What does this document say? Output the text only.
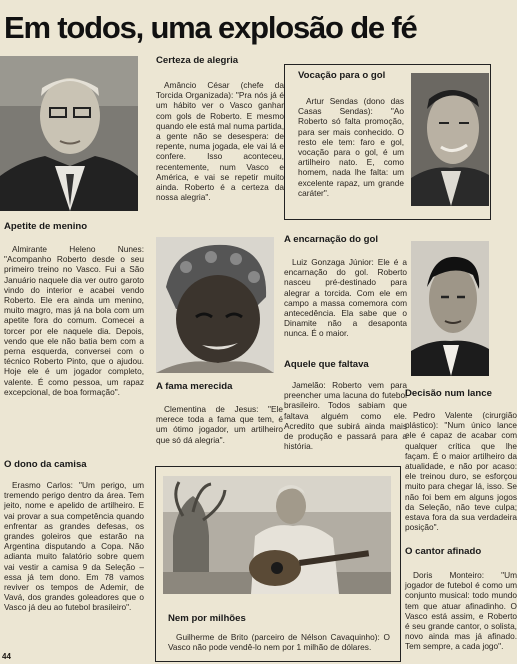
Em todos, uma explosão de fé
Apetite de menino

Almirante Heleno Nunes: "Acompanho Roberto desde o seu primeiro treino no Vasco. Fui a São Januário naquele dia ver outro garoto vindo do interior e acabei vendo Roberto. Ele era ainda um menino, muito magro, mas já na bola com um apetite fora do comum. Comecei a torcer por ele naquele dia. Depois, vendo que ele não batia bem com a perna esquerda, conversei com o técnico Roberto Pinto, que o ajudou. Hoje ele é um jogador completo, valente. É como pessoa, um rapaz excepcional, de boa formação".

O dono da camisa

Erasmo Carlos: "Um perigo, um tremendo perigo dentro da área. Tem jeito, nome e apelido de artilheiro. E vai provar a sua competência quando enfrentar as grandes defesas, os grandes goleiros que estarão na Argentina disputando a Copa. Não adianta muito falatório sobre quem vai vestir a camisa 9 da Seleção – essa já tem dono. Em 78 vamos reviver os tempos de Ademir, de Vavá, dos grandes goleadores que o Vasco já deu ao futebol brasileiro".

44
Certeza de alegria

Amâncio César (chefe da Torcida Organizada): "Pra nós já é um hábito ver o Vasco ganhar com gols de Roberto. E mesmo quando ele está mal numa partida, a gente não se desespera: de repente, numa jogada, ele vai lá e confere. Isso aconteceu, recentemente, num Vasco e América, e vai se repetir muito ainda. Roberto é a certeza da nossa alegria".

A fama merecida

Clementina de Jesus: "Ele merece toda a fama que tem, é um ótimo jogador, um artilheiro que só dá alegria".

Vocação para o gol

Artur Sendas (dono das Casas Sendas): "Ao Roberto só falta promoção, para ser mais conhecido. O resto ele tem: faro e gol, vocação para o gol, é um artilheiro nato. E, como homem, nada lhe falta: um excelente rapaz, um grande caráter".

A encarnação do gol

Luiz Gonzaga Júnior: Ele é a encarnação do gol. Roberto nasceu pré-destinado para alegrar a torcida. Com ele em campo a massa comemora com antecedência. Ela sabe que o Dinamite não a desaponta nunca. É o maior.

Aquele que faltava

Jamelão: Roberto vem para preencher uma lacuna do futebol brasileiro. Todos sabiam que faltava alguém como ele. Acredito que subirá ainda mais de produção e passará para a história.

Decisão num lance

Pedro Valente (cirurgião plástico): "Num único lance ele é capaz de acabar com qualquer crítica que lhe façam. É o maior artilheiro da atualidade, e não por acaso: ele treinou duro, se esforçou muito para chegar lá, isso. Se não foi bem em alguns jogos da Seleção, não teve culpa; estava fora da sua verdadeira posição".

O cantor afinado

Doris Monteiro: "Um jogador de futebol é como um conjunto musical: todo mundo tem que atuar afinadinho. O Vasco está assim, e Roberto é seu grande cantor, o solista, novo ainda mas já afinado. Tem sempre, a cada jogo".

Nem por milhões

Guilherme de Brito (parceiro de Nélson Cavaquinho): O Vasco não pode vendê-lo nem por 1 milhão de dólares.
